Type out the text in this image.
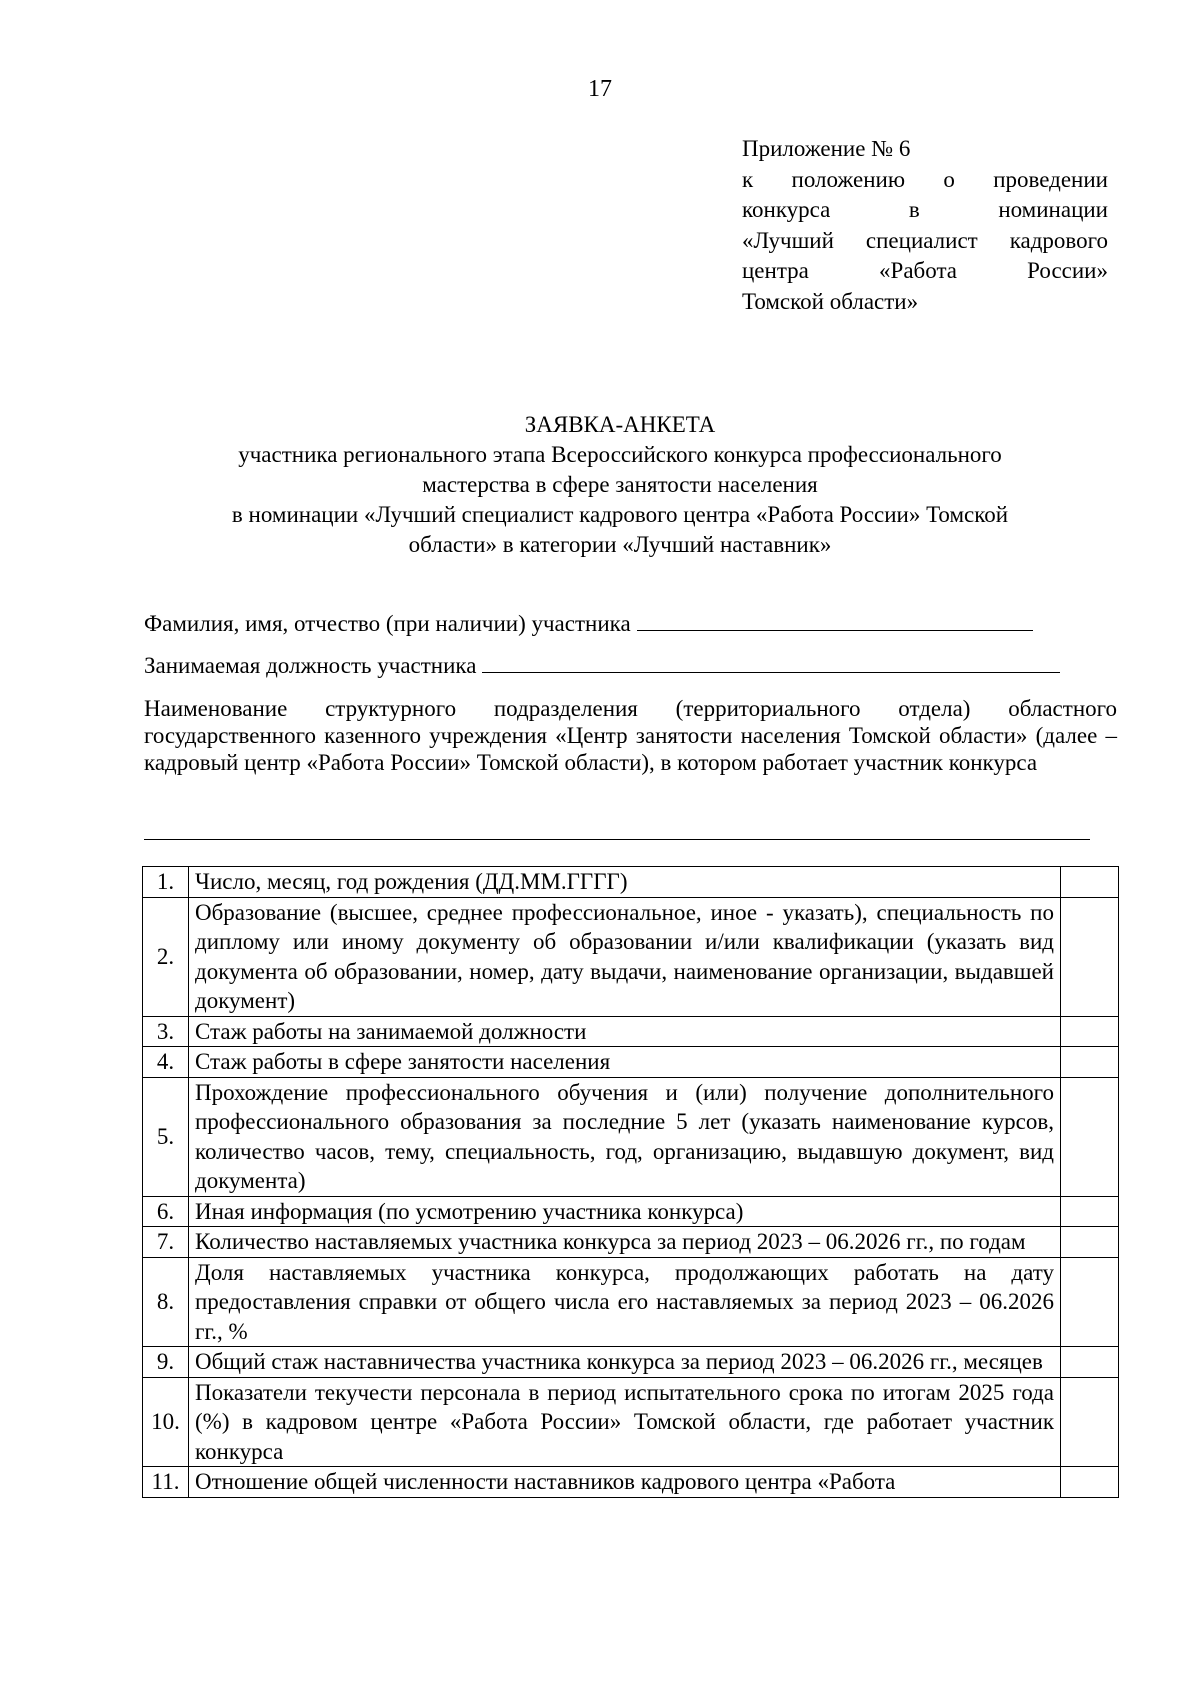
17
Приложение № 6
к положению о проведении
конкурса в номинации
«Лучший специалист кадрового
центра «Работа России»
Томской области»
ЗАЯВКА-АНКЕТА
участника регионального этапа Всероссийского конкурса профессионального
мастерства в сфере занятости населения
в номинации «Лучший специалист кадрового центра «Работа России» Томской
области» в категории «Лучший наставник»
Фамилия, имя, отчество (при наличии) участника
Занимаемая должность участника
Наименование структурного подразделения (территориального отдела) областного государственного казенного учреждения «Центр занятости населения Томской области» (далее – кадровый центр «Работа России» Томской области), в котором работает участник конкурса
1.	Число, месяц, год рождения (ДД.ММ.ГГГГ)	
2.	Образование (высшее, среднее профессиональное, иное - указать), специальность по диплому или иному документу об образовании и/или квалификации (указать вид документа об образовании, номер, дату выдачи, наименование организации, выдавшей документ)	
3.	Стаж работы на занимаемой должности	
4.	Стаж работы в сфере занятости населения	
5.	Прохождение профессионального обучения и (или) получение дополнительного профессионального образования за последние 5 лет (указать наименование курсов, количество часов, тему, специальность, год, организацию, выдавшую документ, вид документа)	
6.	Иная информация (по усмотрению участника конкурса)	
7.	Количество наставляемых участника конкурса за период 2023 – 06.2026 гг., по годам	
8.	Доля наставляемых участника конкурса, продолжающих работать на дату предоставления справки от общего числа его наставляемых за период 2023 – 06.2026 гг., %	
9.	Общий стаж наставничества участника конкурса за период 2023 – 06.2026 гг., месяцев	
10.	Показатели текучести персонала в период испытательного срока по итогам 2025 года (%) в кадровом центре «Работа России» Томской области, где работает участник конкурса	
11.	Отношение общей численности наставников кадрового центра «Работа	
